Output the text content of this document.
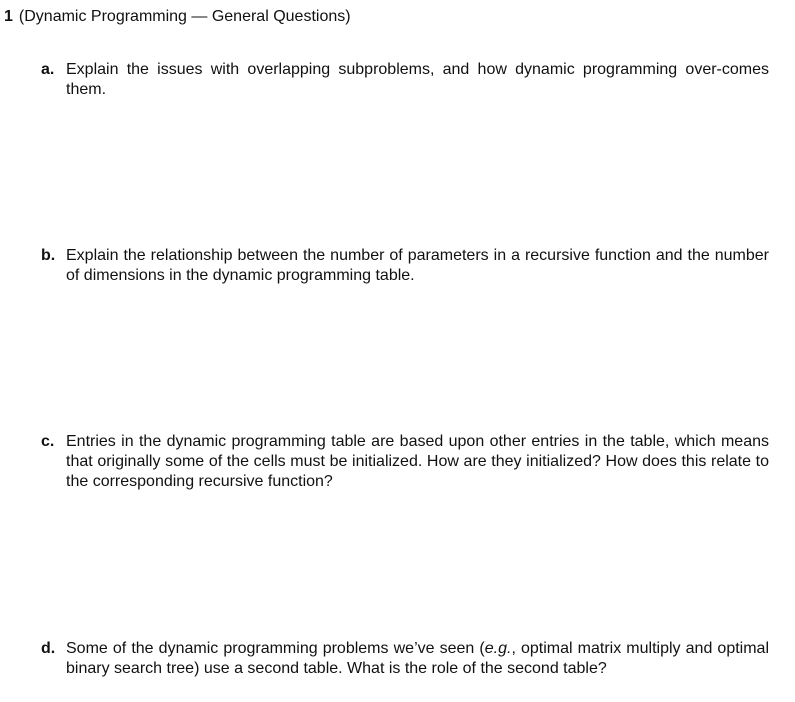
1 (Dynamic Programming — General Questions)
a. Explain the issues with overlapping subproblems, and how dynamic programming over-comes them.
b. Explain the relationship between the number of parameters in a recursive function and the number of dimensions in the dynamic programming table.
c. Entries in the dynamic programming table are based upon other entries in the table, which means that originally some of the cells must be initialized. How are they initialized? How does this relate to the corresponding recursive function?
d. Some of the dynamic programming problems we’ve seen (e.g., optimal matrix multiply and optimal binary search tree) use a second table. What is the role of the second table?
